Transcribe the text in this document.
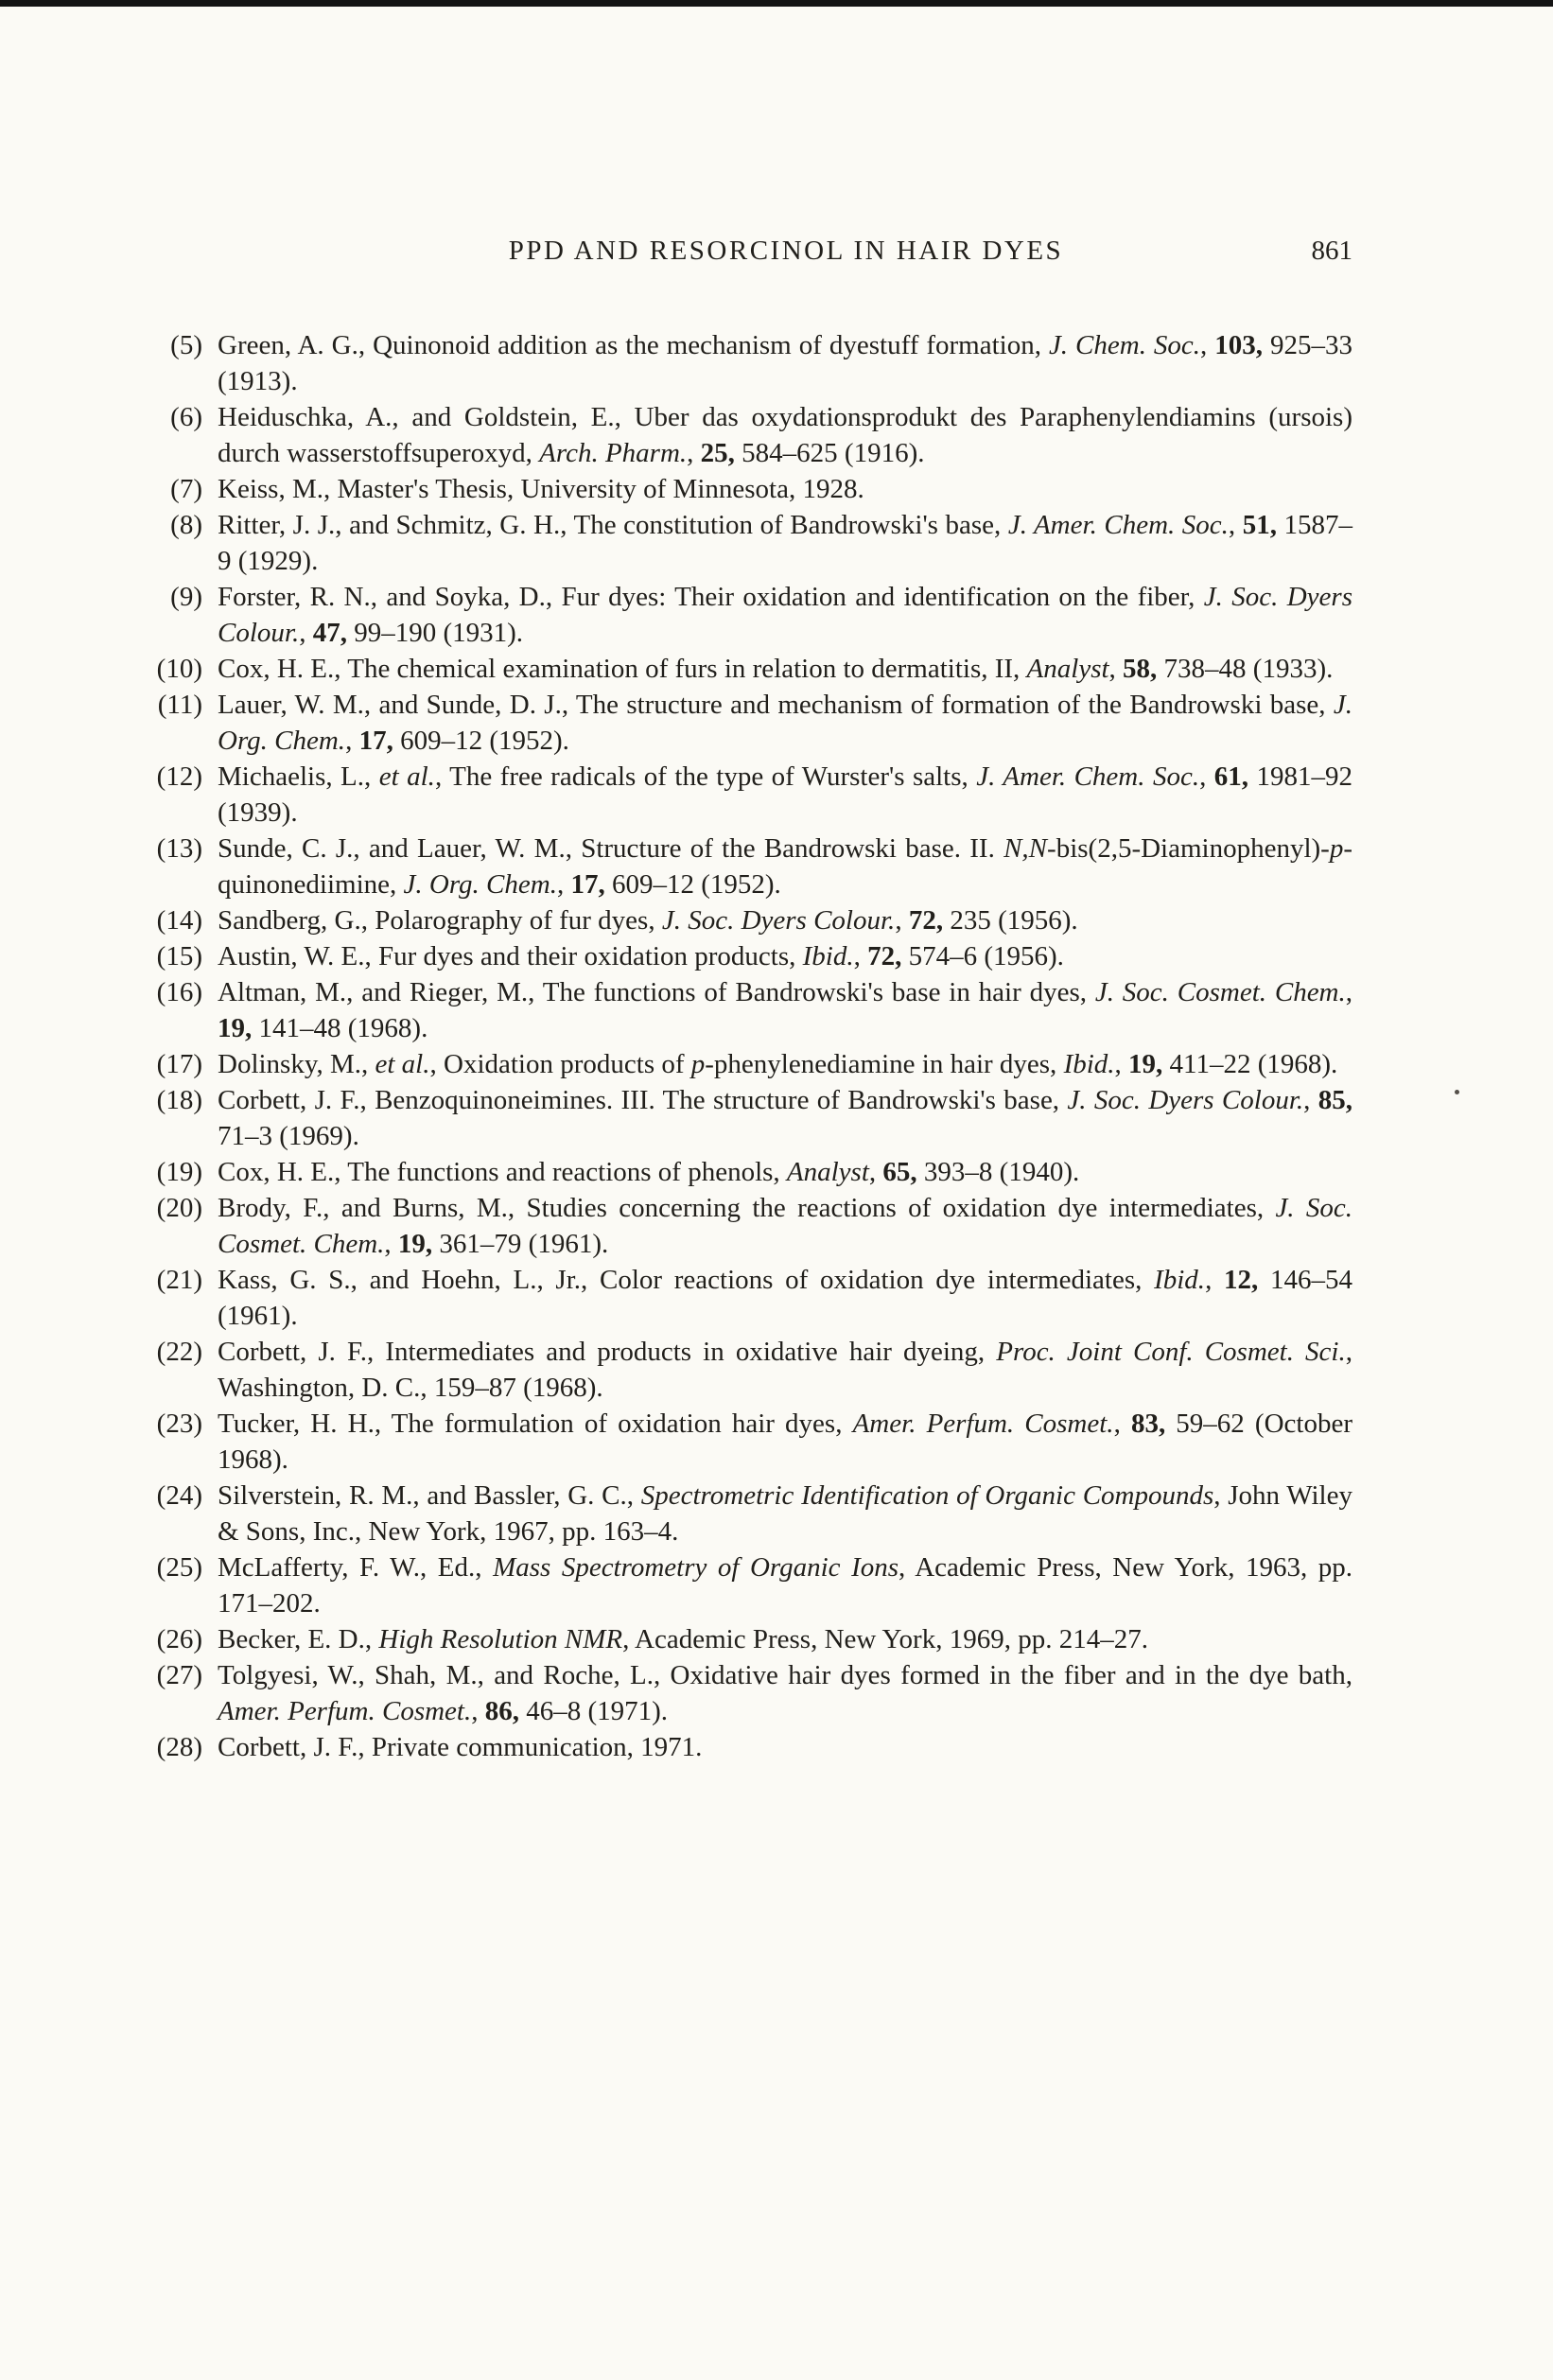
PPD AND RESORCINOL IN HAIR DYES	861
(5) Green, A. G., Quinonoid addition as the mechanism of dyestuff formation, J. Chem. Soc., 103, 925–33 (1913).
(6) Heiduschka, A., and Goldstein, E., Uber das oxydationsprodukt des Paraphenylendiamins (ursois) durch wasserstoffsuperoxyd, Arch. Pharm., 25, 584–625 (1916).
(7) Keiss, M., Master's Thesis, University of Minnesota, 1928.
(8) Ritter, J. J., and Schmitz, G. H., The constitution of Bandrowski's base, J. Amer. Chem. Soc., 51, 1587–9 (1929).
(9) Forster, R. N., and Soyka, D., Fur dyes: Their oxidation and identification on the fiber, J. Soc. Dyers Colour., 47, 99–190 (1931).
(10) Cox, H. E., The chemical examination of furs in relation to dermatitis, II, Analyst, 58, 738–48 (1933).
(11) Lauer, W. M., and Sunde, D. J., The structure and mechanism of formation of the Bandrowski base, J. Org. Chem., 17, 609–12 (1952).
(12) Michaelis, L., et al., The free radicals of the type of Wurster's salts, J. Amer. Chem. Soc., 61, 1981–92 (1939).
(13) Sunde, C. J., and Lauer, W. M., Structure of the Bandrowski base. II. N,N-bis(2,5-Diaminophenyl)-p-quinonediimine, J. Org. Chem., 17, 609–12 (1952).
(14) Sandberg, G., Polarography of fur dyes, J. Soc. Dyers Colour., 72, 235 (1956).
(15) Austin, W. E., Fur dyes and their oxidation products, Ibid., 72, 574–6 (1956).
(16) Altman, M., and Rieger, M., The functions of Bandrowski's base in hair dyes, J. Soc. Cosmet. Chem., 19, 141–48 (1968).
(17) Dolinsky, M., et al., Oxidation products of p-phenylenediamine in hair dyes, Ibid., 19, 411–22 (1968).
(18) Corbett, J. F., Benzoquinoneimines. III. The structure of Bandrowski's base, J. Soc. Dyers Colour., 85, 71–3 (1969).
(19) Cox, H. E., The functions and reactions of phenols, Analyst, 65, 393–8 (1940).
(20) Brody, F., and Burns, M., Studies concerning the reactions of oxidation dye intermediates, J. Soc. Cosmet. Chem., 19, 361–79 (1961).
(21) Kass, G. S., and Hoehn, L., Jr., Color reactions of oxidation dye intermediates, Ibid., 12, 146–54 (1961).
(22) Corbett, J. F., Intermediates and products in oxidative hair dyeing, Proc. Joint Conf. Cosmet. Sci., Washington, D. C., 159–87 (1968).
(23) Tucker, H. H., The formulation of oxidation hair dyes, Amer. Perfum. Cosmet., 83, 59–62 (October 1968).
(24) Silverstein, R. M., and Bassler, G. C., Spectrometric Identification of Organic Compounds, John Wiley & Sons, Inc., New York, 1967, pp. 163–4.
(25) McLafferty, F. W., Ed., Mass Spectrometry of Organic Ions, Academic Press, New York, 1963, pp. 171–202.
(26) Becker, E. D., High Resolution NMR, Academic Press, New York, 1969, pp. 214–27.
(27) Tolgyesi, W., Shah, M., and Roche, L., Oxidative hair dyes formed in the fiber and in the dye bath, Amer. Perfum. Cosmet., 86, 46–8 (1971).
(28) Corbett, J. F., Private communication, 1971.
